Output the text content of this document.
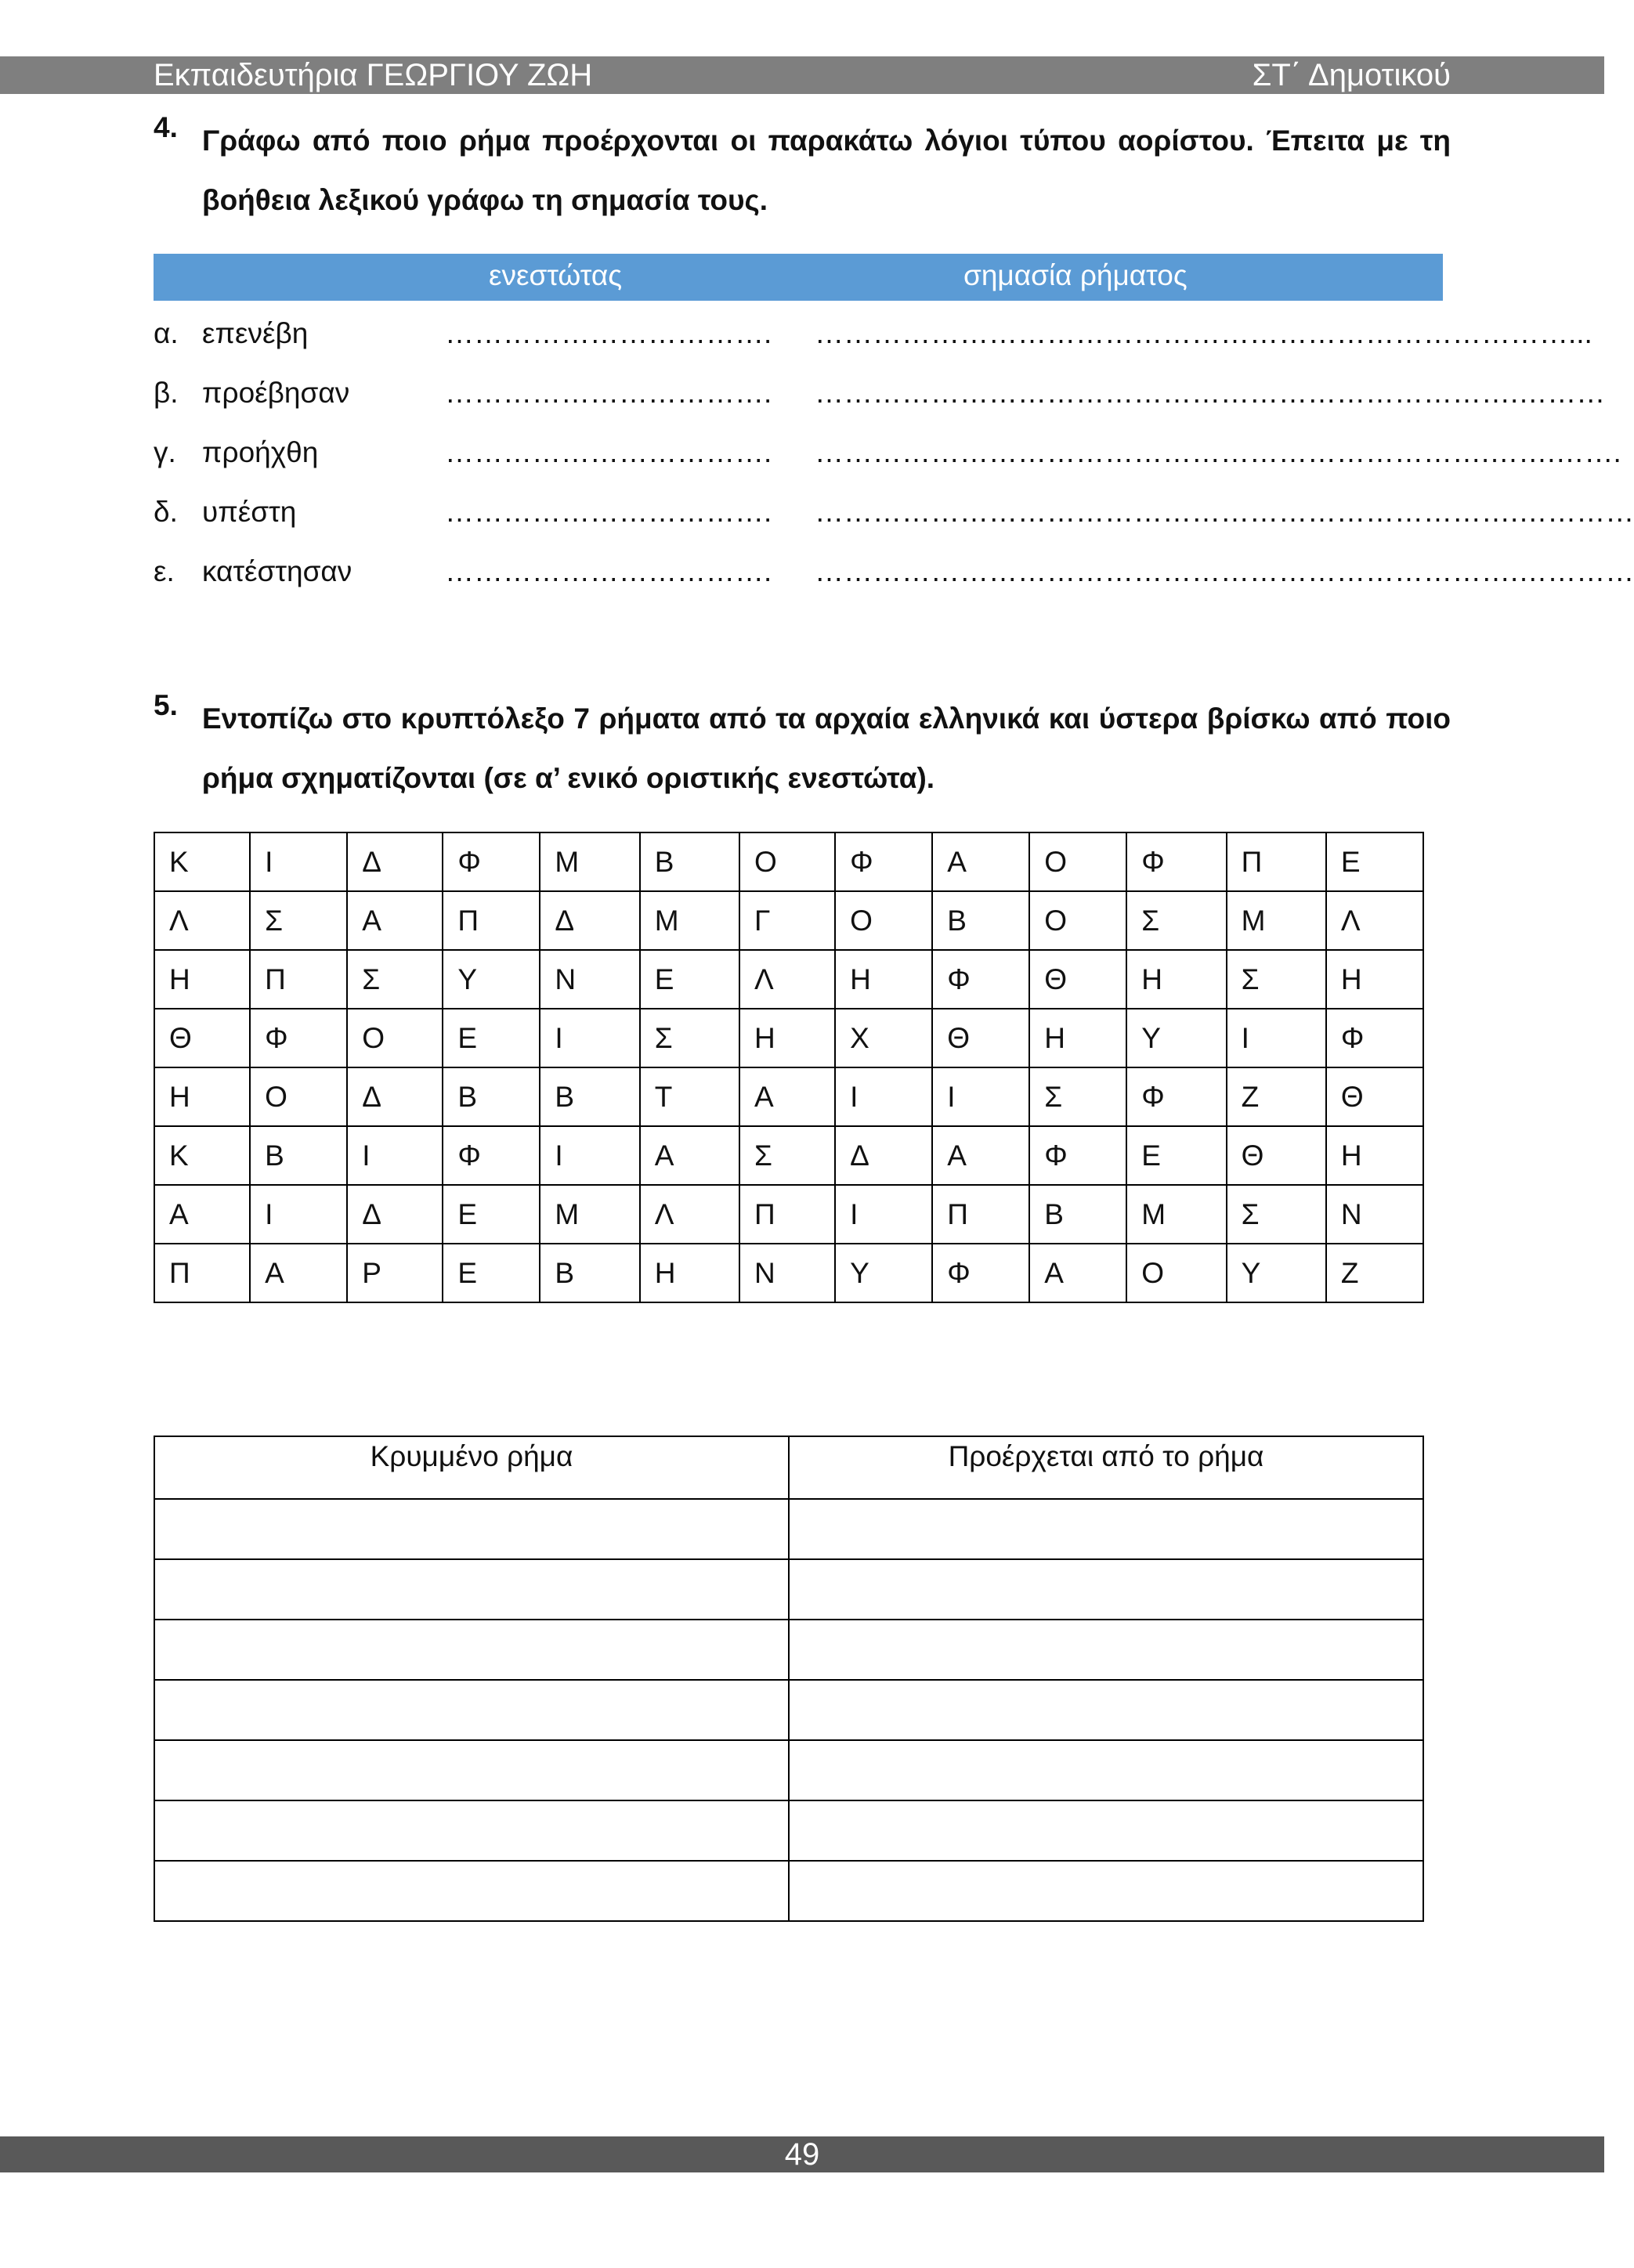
Εκπαιδευτήρια ΓΕΩΡΓΙΟΥ ΖΩΗ	ΣΤ΄ Δημοτικού
4. Γράφω από ποιο ρήμα προέρχονται οι παρακάτω λόγιοι τύπου αορίστου. Έπειτα με τη βοήθεια λεξικού γράφω τη σημασία τους.
ενεστώτας	σημασία ρήματος
α. επενέβη	……………………………. ……………………………………………………………………...
β. προέβησαν	……………………………. ……………………………………………………………….………
γ. προήχθη	……………………………. …………………………………………………………….…….…….
δ. υπέστη	……………………………. ……………………………………………………………….…………
ε. κατέστησαν	……………………………. ……………………………………………………………….…………
5. Εντοπίζω στο κρυπτόλεξο 7 ρήματα από τα αρχαία ελληνικά και ύστερα βρίσκω από ποιο ρήμα σχηματίζονται (σε α’ ενικό οριστικής ενεστώτα).
Κ	Ι	Δ	Φ	Μ	Β	Ο	Φ	Α	Ο	Φ	Π	Ε
Λ	Σ	Α	Π	Δ	Μ	Γ	Ο	Β	Ο	Σ	Μ	Λ
Η	Π	Σ	Υ	Ν	Ε	Λ	Η	Φ	Θ	Η	Σ	Η
Θ	Φ	Ο	Ε	Ι	Σ	Η	Χ	Θ	Η	Υ	Ι	Φ
Η	Ο	Δ	Β	Β	Τ	Α	Ι	Ι	Σ	Φ	Ζ	Θ
Κ	Β	Ι	Φ	Ι	Α	Σ	Δ	Α	Φ	Ε	Θ	Η
Α	Ι	Δ	Ε	Μ	Λ	Π	Ι	Π	Β	Μ	Σ	Ν
Π	Α	Ρ	Ε	Β	Η	Ν	Υ	Φ	Α	Ο	Υ	Ζ
Κρυμμένο ρήμα	Προέρχεται από το ρήμα

49
